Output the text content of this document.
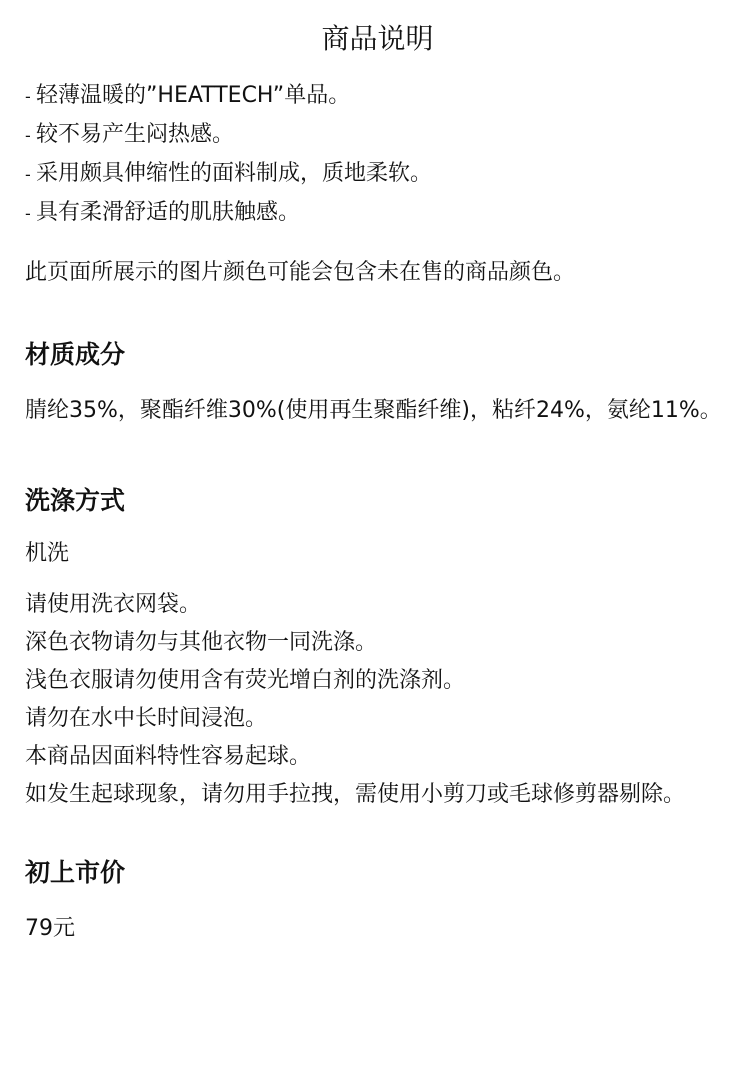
商品说明
- 轻薄温暖的”HEATTECH”单品。
- 较不易产生闷热感。
- 采用颇具伸缩性的面料制成，质地柔软。
- 具有柔滑舒适的肌肤触感。

此页面所展示的图片颜色可能会包含未在售的商品颜色。

材质成分

腈纶35%，聚酯纤维30%(使用再生聚酯纤维)，粘纤24%，氨纶11%。

洗涤方式

机洗

请使用洗衣网袋。
深色衣物请勿与其他衣物一同洗涤。
浅色衣服请勿使用含有荧光增白剂的洗涤剂。
请勿在水中长时间浸泡。
本商品因面料特性容易起球。
如发生起球现象，请勿用手拉拽，需使用小剪刀或毛球修剪器剔除。
初上市价

79元
